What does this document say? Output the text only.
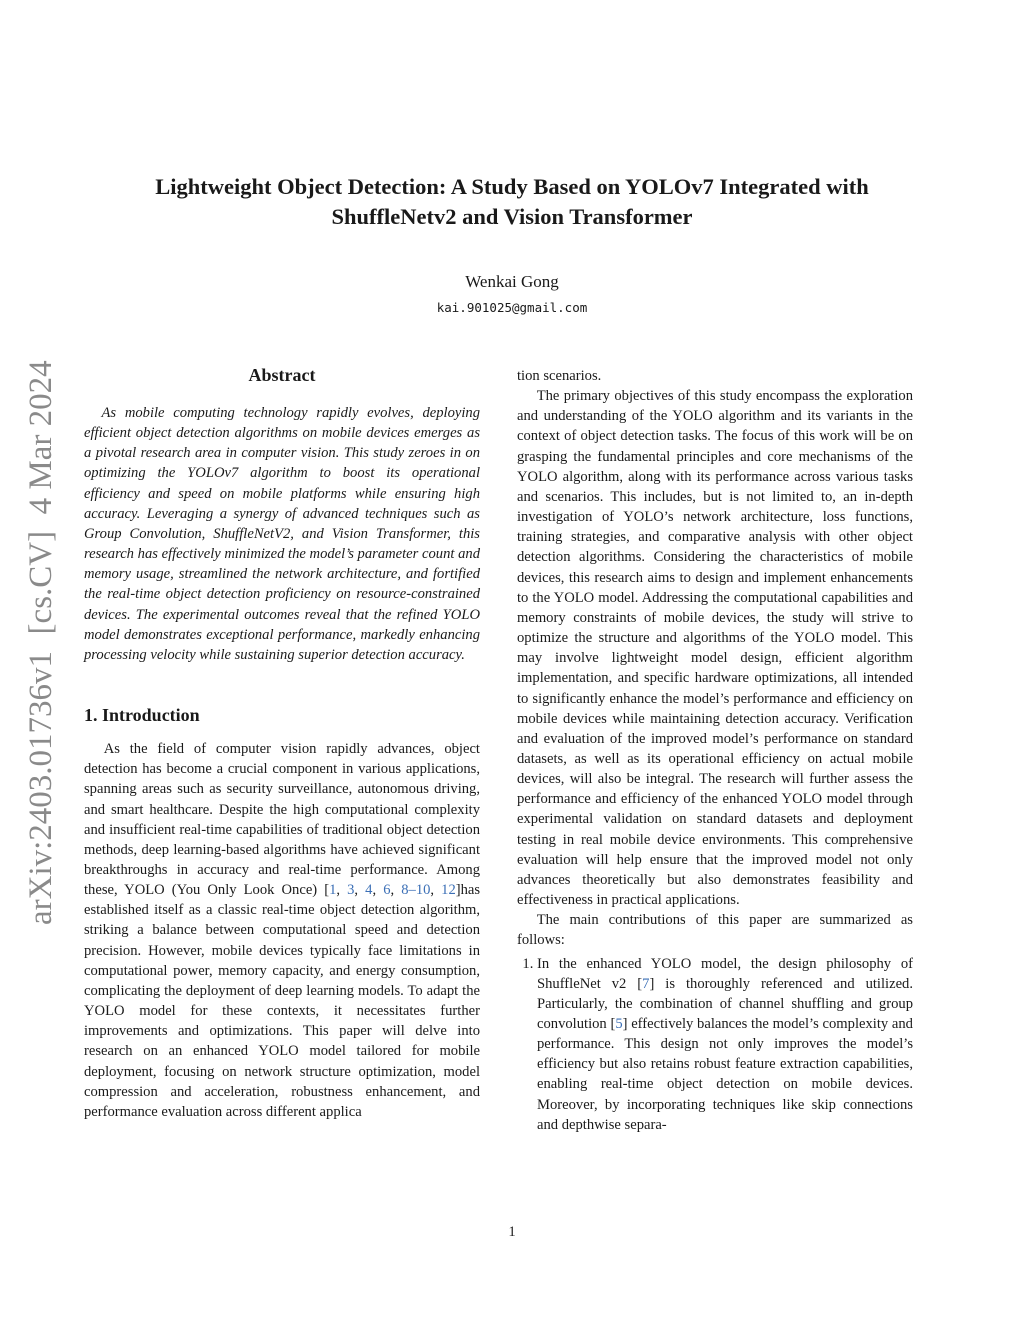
Lightweight Object Detection: A Study Based on YOLOv7 Integrated with
ShuffleNetv2 and Vision Transformer
Wenkai Gong
kai.901025@gmail.com
arXiv:2403.01736v1  [cs.CV]  4 Mar 2024	Abstract

As mobile computing technology rapidly evolves, deploying efficient object detection algorithms on mobile devices emerges as a pivotal research area in computer vision. This study zeroes in on optimizing the YOLOv7 algorithm to boost its operational efficiency and speed on mobile platforms while ensuring high accuracy. Leveraging a synergy of advanced techniques such as Group Convolution, ShuffleNetV2, and Vision Transformer, this research has effectively minimized the model’s parameter count and memory usage, streamlined the network architecture, and fortified the real-time object detection proficiency on resource-constrained devices. The experimental outcomes reveal that the refined YOLO model demonstrates exceptional performance, markedly enhancing processing velocity while sustaining superior detection accuracy.

1. Introduction

As the field of computer vision rapidly advances, object detection has become a crucial component in various applications, spanning areas such as security surveillance, autonomous driving, and smart healthcare. Despite the high computational complexity and insufficient real-time capabilities of traditional object detection methods, deep learning-based algorithms have achieved significant breakthroughs in accuracy and real-time performance. Among these, YOLO (You Only Look Once) [1, 3, 4, 6, 8–10, 12]has established itself as a classic real-time object detection algorithm, striking a balance between computational speed and detection precision. However, mobile devices typically face limitations in computational power, memory capacity, and energy consumption, complicating the deployment of deep learning models. To adapt the YOLO model for these contexts, it necessitates further improvements and optimizations. This paper will delve into research on an enhanced YOLO model tailored for mobile deployment, focusing on network structure optimization, model compression and acceleration, robustness enhancement, and performance evaluation across different applica

tion scenarios.

The primary objectives of this study encompass the exploration and understanding of the YOLO algorithm and its variants in the context of object detection tasks. The focus of this work will be on grasping the fundamental principles and core mechanisms of the YOLO algorithm, along with its performance across various tasks and scenarios. This includes, but is not limited to, an in-depth investigation of YOLO’s network architecture, loss functions, training strategies, and comparative analysis with other object detection algorithms. Considering the characteristics of mobile devices, this research aims to design and implement enhancements to the YOLO model. Addressing the computational capabilities and memory constraints of mobile devices, the study will strive to optimize the structure and algorithms of the YOLO model. This may involve lightweight model design, efficient algorithm implementation, and specific hardware optimizations, all intended to significantly enhance the model’s performance and efficiency on mobile devices while maintaining detection accuracy. Verification and evaluation of the improved model’s performance on standard datasets, as well as its operational efficiency on actual mobile devices, will also be integral. The research will further assess the performance and efficiency of the enhanced YOLO model through experimental validation on standard datasets and deployment testing in real mobile device environments. This comprehensive evaluation will help ensure that the improved model not only advances theoretically but also demonstrates feasibility and effectiveness in practical applications.

The main contributions of this paper are summarized as follows:

1. In the enhanced YOLO model, the design philosophy of ShuffleNet v2 [7] is thoroughly referenced and utilized. Particularly, the combination of channel shuffling and group convolution [5] effectively balances the model’s complexity and performance. This design not only improves the model’s efficiency but also retains robust feature extraction capabilities, enabling real-time object detection on mobile devices. Moreover, by incorporating techniques like skip connections and depthwise separa-
1
